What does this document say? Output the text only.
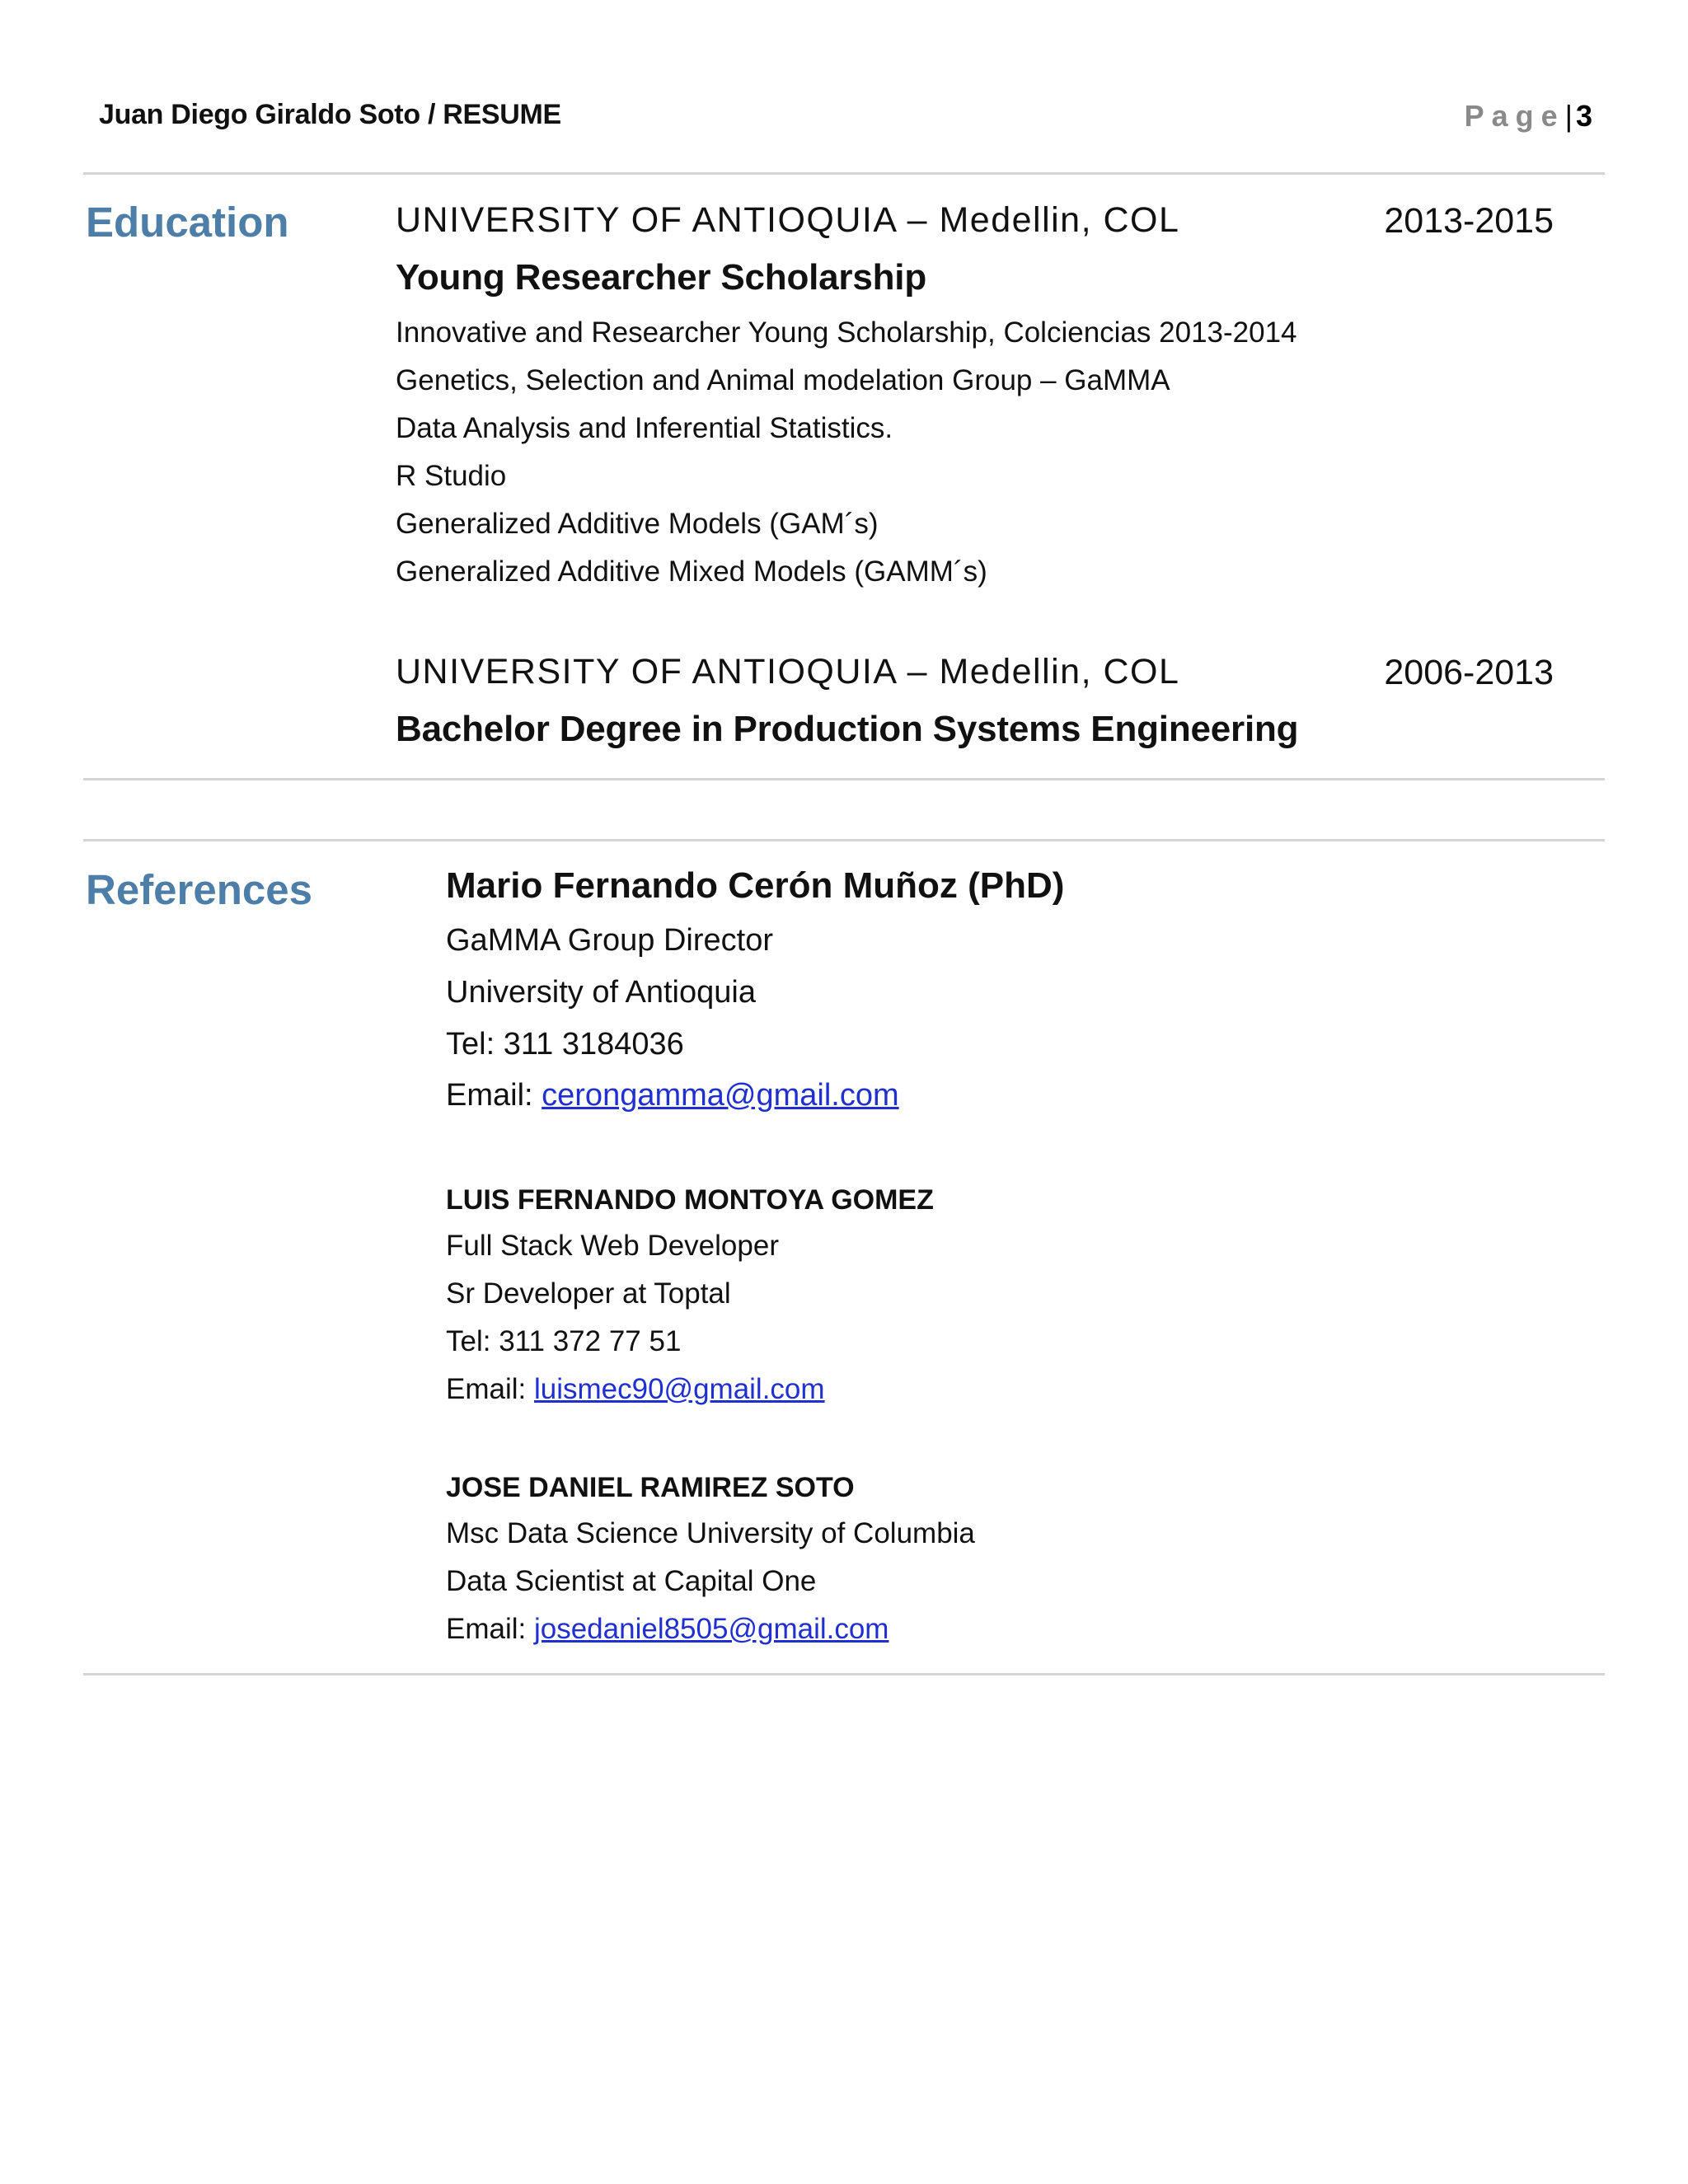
Juan Diego Giraldo Soto / RESUME	Page| 3
Education	UNIVERSITY OF ANTIOQUIA – Medellin, COL	2013-2015
Young Researcher Scholarship
Innovative and Researcher Young Scholarship, Colciencias 2013-2014
Genetics, Selection and Animal modelation Group – GaMMA
Data Analysis and Inferential Statistics.
R Studio
Generalized Additive Models (GAM´s)
Generalized Additive Mixed Models (GAMM´s)
UNIVERSITY OF ANTIOQUIA – Medellin, COL	2006-2013
Bachelor Degree in Production Systems Engineering
References	Mario Fernando Cerón Muñoz (PhD)
GaMMA Group Director
University of Antioquia
Tel: 311 3184036
Email: cerongamma@gmail.com
LUIS FERNANDO MONTOYA GOMEZ
Full Stack Web Developer
Sr Developer at Toptal
Tel: 311 372 77 51
Email: luismec90@gmail.com
JOSE DANIEL RAMIREZ SOTO
Msc Data Science University of Columbia
Data Scientist at Capital One
Email: josedaniel8505@gmail.com
